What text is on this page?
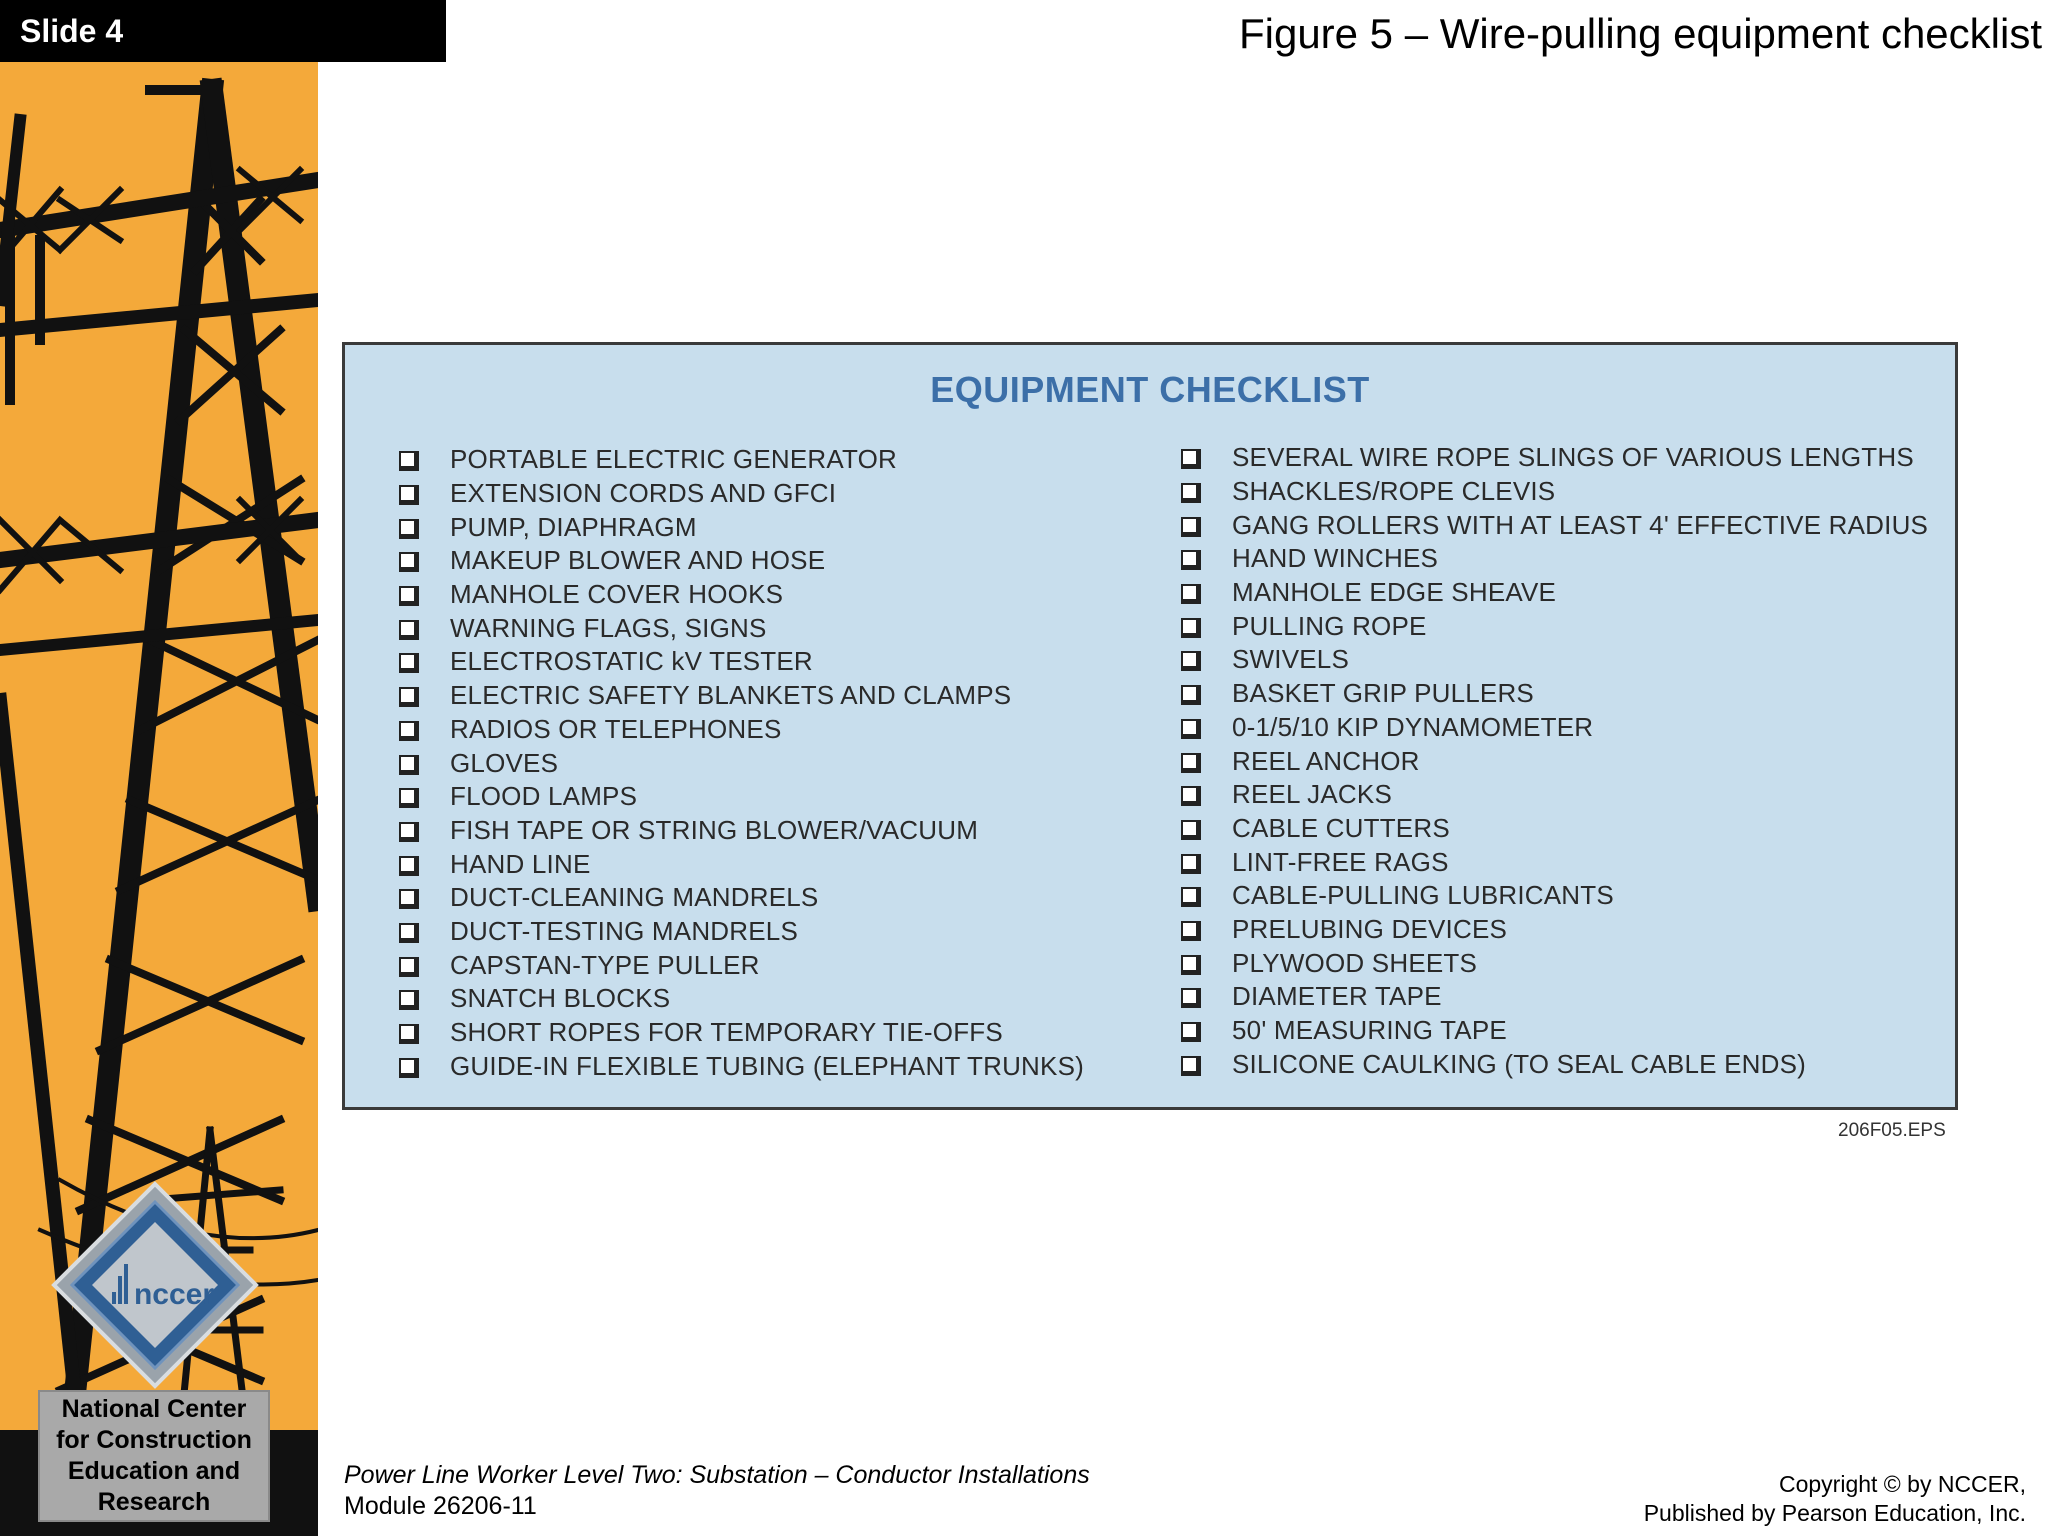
nccer
National Center
for Construction
Education and
Research
Slide 4	Figure 5 – Wire-pulling equipment checklist
EQUIPMENT CHECKLIST
PORTABLE ELECTRIC GENERATOR
EXTENSION CORDS AND GFCI
PUMP, DIAPHRAGM
MAKEUP BLOWER AND HOSE
MANHOLE COVER HOOKS
WARNING FLAGS, SIGNS
ELECTROSTATIC kV TESTER
ELECTRIC SAFETY BLANKETS AND CLAMPS
RADIOS OR TELEPHONES
GLOVES
FLOOD LAMPS
FISH TAPE OR STRING BLOWER/VACUUM
HAND LINE
DUCT-CLEANING MANDRELS
DUCT-TESTING MANDRELS
CAPSTAN-TYPE PULLER
SNATCH BLOCKS
SHORT ROPES FOR TEMPORARY TIE-OFFS
GUIDE-IN FLEXIBLE TUBING (ELEPHANT TRUNKS)
SEVERAL WIRE ROPE SLINGS OF VARIOUS LENGTHS
SHACKLES/ROPE CLEVIS
GANG ROLLERS WITH AT LEAST 4' EFFECTIVE RADIUS
HAND WINCHES
MANHOLE EDGE SHEAVE
PULLING ROPE
SWIVELS
BASKET GRIP PULLERS
0-1/5/10 KIP DYNAMOMETER
REEL ANCHOR
REEL JACKS
CABLE CUTTERS
LINT-FREE RAGS
CABLE-PULLING LUBRICANTS
PRELUBING DEVICES
PLYWOOD SHEETS
DIAMETER TAPE
50' MEASURING TAPE
SILICONE CAULKING (TO SEAL CABLE ENDS)
206F05.EPS
Power Line Worker Level Two: Substation – Conductor Installations
Module 26206-11
Copyright © by NCCER,
Published by Pearson Education, Inc.
